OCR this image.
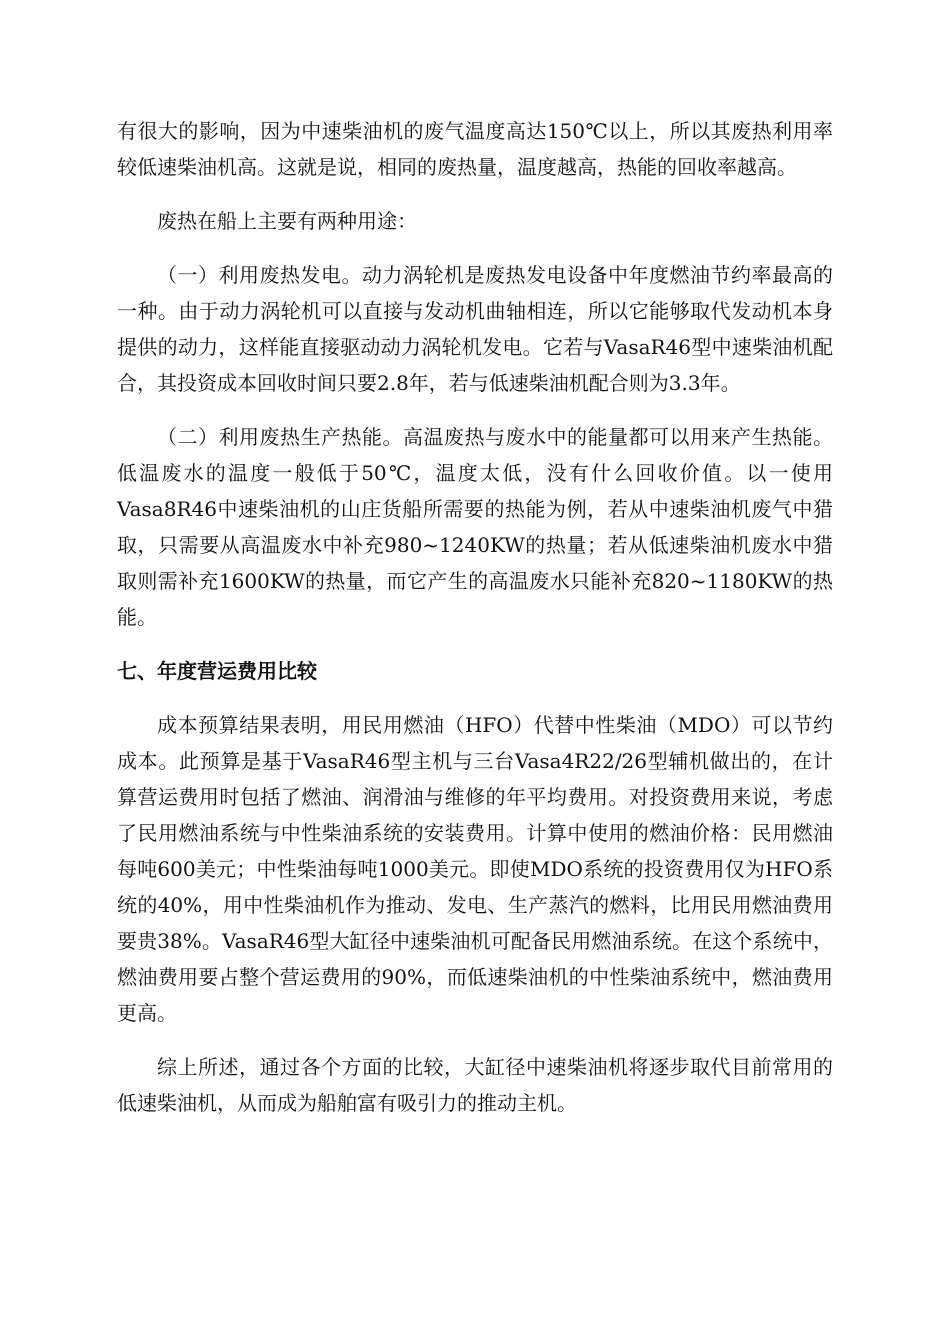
有很大的影响，因为中速柴油机的废气温度高达150℃以上，所以其废热利用率较低速柴油机高。这就是说，相同的废热量，温度越高，热能的回收率越高。

废热在船上主要有两种用途：

（一）利用废热发电。动力涡轮机是废热发电设备中年度燃油节约率最高的一种。由于动力涡轮机可以直接与发动机曲轴相连，所以它能够取代发动机本身提供的动力，这样能直接驱动动力涡轮机发电。它若与VasaR46型中速柴油机配合，其投资成本回收时间只要2.8年，若与低速柴油机配合则为3.3年。

（二）利用废热生产热能。高温废热与废水中的能量都可以用来产生热能。低温废水的温度一般低于50℃，温度太低，没有什么回收价值。以一使用Vasa8R46中速柴油机的山庄货船所需要的热能为例，若从中速柴油机废气中猎取，只需要从高温废水中补充980~1240KW的热量；若从低速柴油机废水中猎取则需补充1600KW的热量，而它产生的高温废水只能补充820~1180KW的热能。

七、年度营运费用比较

成本预算结果表明，用民用燃油（HFO）代替中性柴油（MDO）可以节约成本。此预算是基于VasaR46型主机与三台Vasa4R22/26型辅机做出的，在计算营运费用时包括了燃油、润滑油与维修的年平均费用。对投资费用来说，考虑了民用燃油系统与中性柴油系统的安装费用。计算中使用的燃油价格：民用燃油每吨600美元；中性柴油每吨1000美元。即使MDO系统的投资费用仅为HFO系统的40%，用中性柴油机作为推动、发电、生产蒸汽的燃料，比用民用燃油费用要贵38%。VasaR46型大缸径中速柴油机可配备民用燃油系统。在这个系统中，燃油费用要占整个营运费用的90%，而低速柴油机的中性柴油系统中，燃油费用更高。

综上所述，通过各个方面的比较，大缸径中速柴油机将逐步取代目前常用的低速柴油机，从而成为船舶富有吸引力的推动主机。
